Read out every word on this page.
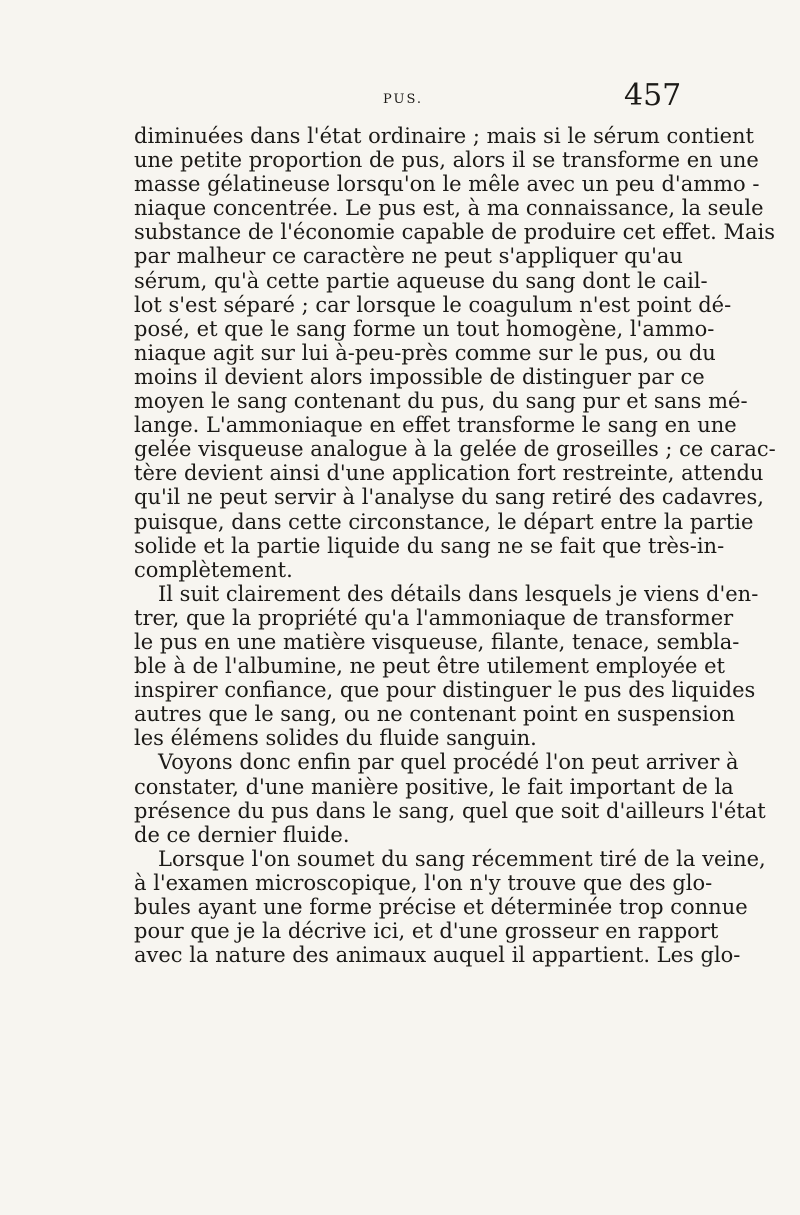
PUS.	457
diminuées dans l'état ordinaire ; mais si le sérum contient
une petite proportion de pus, alors il se transforme en une
masse gélatineuse lorsqu'on le mêle avec un peu d'ammo -
niaque concentrée. Le pus est, à ma connaissance, la seule
substance de l'économie capable de produire cet effet. Mais
par malheur ce caractère ne peut s'appliquer qu'au
sérum, qu'à cette partie aqueuse du sang dont le cail-
lot s'est séparé ; car lorsque le coagulum n'est point dé-
posé, et que le sang forme un tout homogène, l'ammo-
niaque agit sur lui à-peu-près comme sur le pus, ou du
moins il devient alors impossible de distinguer par ce
moyen le sang contenant du pus, du sang pur et sans mé-
lange. L'ammoniaque en effet transforme le sang en une
gelée visqueuse analogue à la gelée de groseilles ; ce carac-
tère devient ainsi d'une application fort restreinte, attendu
qu'il ne peut servir à l'analyse du sang retiré des cadavres,
puisque, dans cette circonstance, le départ entre la partie
solide et la partie liquide du sang ne se fait que très-in-
complètement.
Il suit clairement des détails dans lesquels je viens d'en-
trer, que la propriété qu'a l'ammoniaque de transformer
le pus en une matière visqueuse, filante, tenace, sembla-
ble à de l'albumine, ne peut être utilement employée et
inspirer confiance, que pour distinguer le pus des liquides
autres que le sang, ou ne contenant point en suspension
les élémens solides du fluide sanguin.
Voyons donc enfin par quel procédé l'on peut arriver à
constater, d'une manière positive, le fait important de la
présence du pus dans le sang, quel que soit d'ailleurs l'état
de ce dernier fluide.
Lorsque l'on soumet du sang récemment tiré de la veine,
à l'examen microscopique, l'on n'y trouve que des glo-
bules ayant une forme précise et déterminée trop connue
pour que je la décrive ici, et d'une grosseur en rapport
avec la nature des animaux auquel il appartient. Les glo-
